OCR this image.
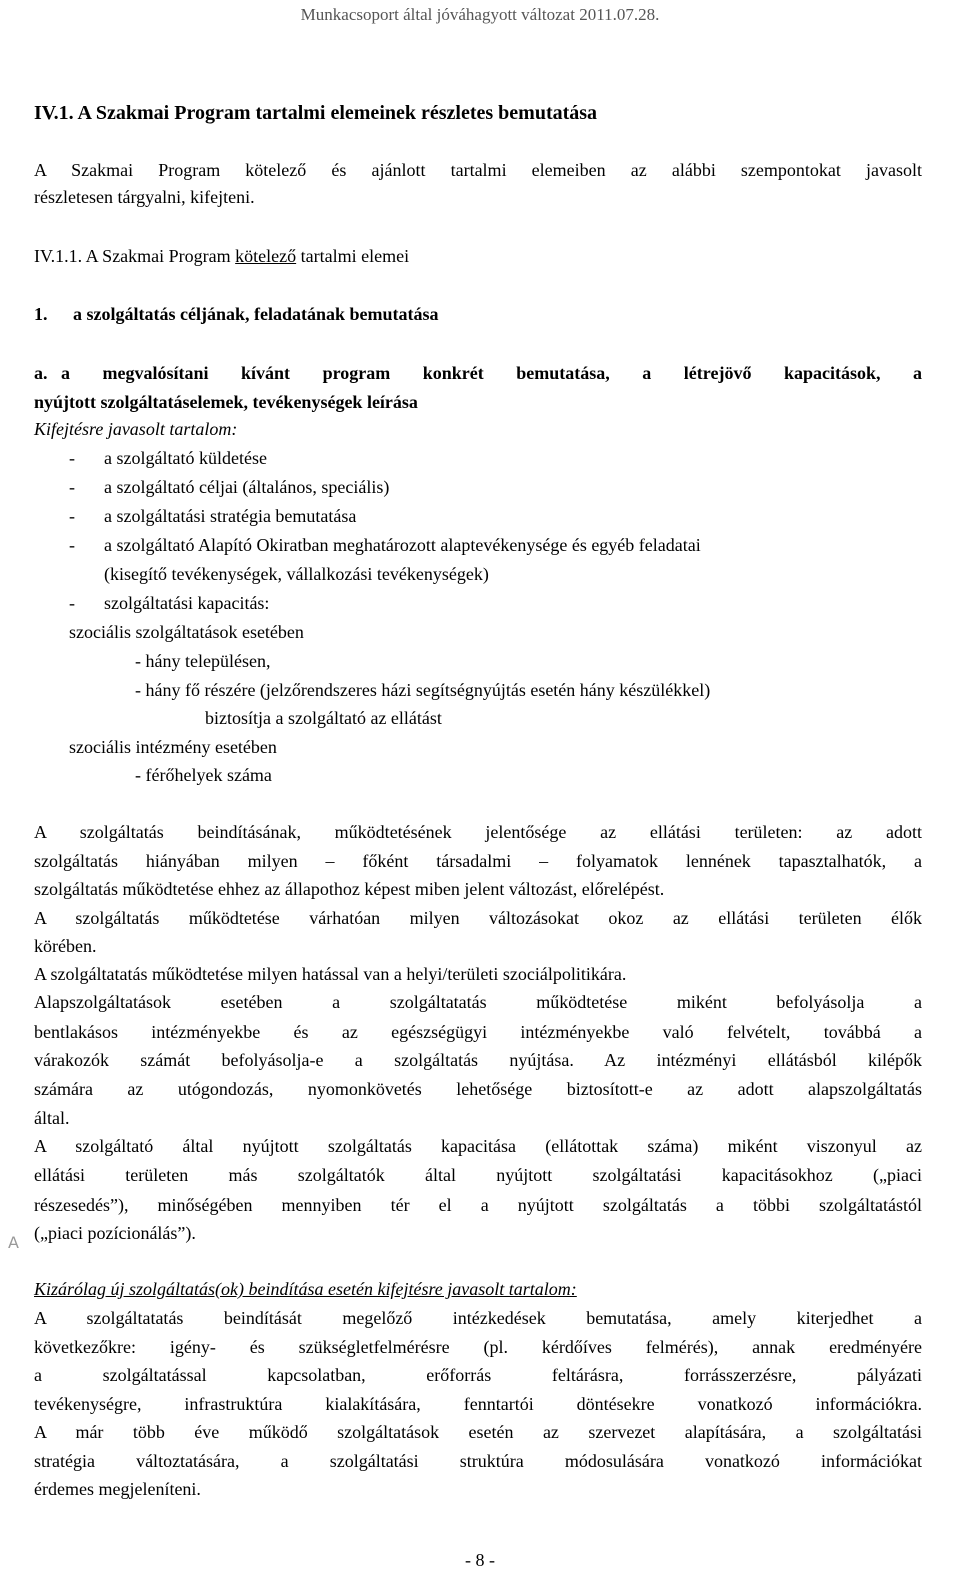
Munkacsoport által jóváhagyott változat 2011.07.28.
IV.1. A Szakmai Program tartalmi elemeinek részletes bemutatása
A Szakmai Program kötelező és ajánlott tartalmi elemeiben az alábbi szempontokat javasolt
részletesen tárgyalni, kifejteni.
IV.1.1. A Szakmai Program kötelező tartalmi elemei
1. a szolgáltatás céljának, feladatának bemutatása
a. a megvalósítani kívánt program konkrét bemutatása, a létrejövő kapacitások, a
nyújtott szolgáltatáselemek, tevékenységek leírása
Kifejtésre javasolt tartalom:
- a szolgáltató küldetése
- a szolgáltató céljai (általános, speciális)
- a szolgáltatási stratégia bemutatása
- a szolgáltató Alapító Okiratban meghatározott alaptevékenysége és egyéb feladatai
(kisegítő tevékenységek, vállalkozási tevékenységek)
- szolgáltatási kapacitás:
szociális szolgáltatások esetében
- hány településen,
- hány fő részére (jelzőrendszeres házi segítségnyújtás esetén hány készülékkel)
biztosítja a szolgáltató az ellátást
szociális intézmény esetében
- férőhelyek száma
A szolgáltatás beindításának, működtetésének jelentősége az ellátási területen: az adott
szolgáltatás hiányában milyen – főként társadalmi – folyamatok lennének tapasztalhatók, a
szolgáltatás működtetése ehhez az állapothoz képest miben jelent változást, előrelépést.
A szolgáltatás működtetése várhatóan milyen változásokat okoz az ellátási területen élők
körében.
A szolgáltatatás működtetése milyen hatással van a helyi/területi szociálpolitikára.
Alapszolgáltatások esetében a szolgáltatatás működtetése miként befolyásolja a
bentlakásos intézményekbe és az egészségügyi intézményekbe való felvételt, továbbá a
várakozók számát befolyásolja-e a szolgáltatás nyújtása. Az intézményi ellátásból kilépők
számára az utógondozás, nyomonkövetés lehetősége biztosított-e az adott alapszolgáltatás
által.
A szolgáltató által nyújtott szolgáltatás kapacitása (ellátottak száma) miként viszonyul az
ellátási területen más szolgáltatók által nyújtott szolgáltatási kapacitásokhoz („piaci
részesedés”), minőségében mennyiben tér el a nyújtott szolgáltatás a többi szolgáltatástól
A („piaci pozícionálás”).
Kizárólag új szolgáltatás(ok) beindítása esetén kifejtésre javasolt tartalom:
A szolgáltatatás beindítását megelőző intézkedések bemutatása, amely kiterjedhet a
következőkre: igény- és szükségletfelmérésre (pl. kérdőíves felmérés), annak eredményére
a szolgáltatással kapcsolatban, erőforrás feltárásra, forrásszerzésre, pályázati
tevékenységre, infrastruktúra kialakítására, fenntartói döntésekre vonatkozó információkra.
A már több éve működő szolgáltatások esetén az szervezet alapítására, a szolgáltatási
stratégia változtatására, a szolgáltatási struktúra módosulására vonatkozó információkat
érdemes megjeleníteni.
- 8 -
